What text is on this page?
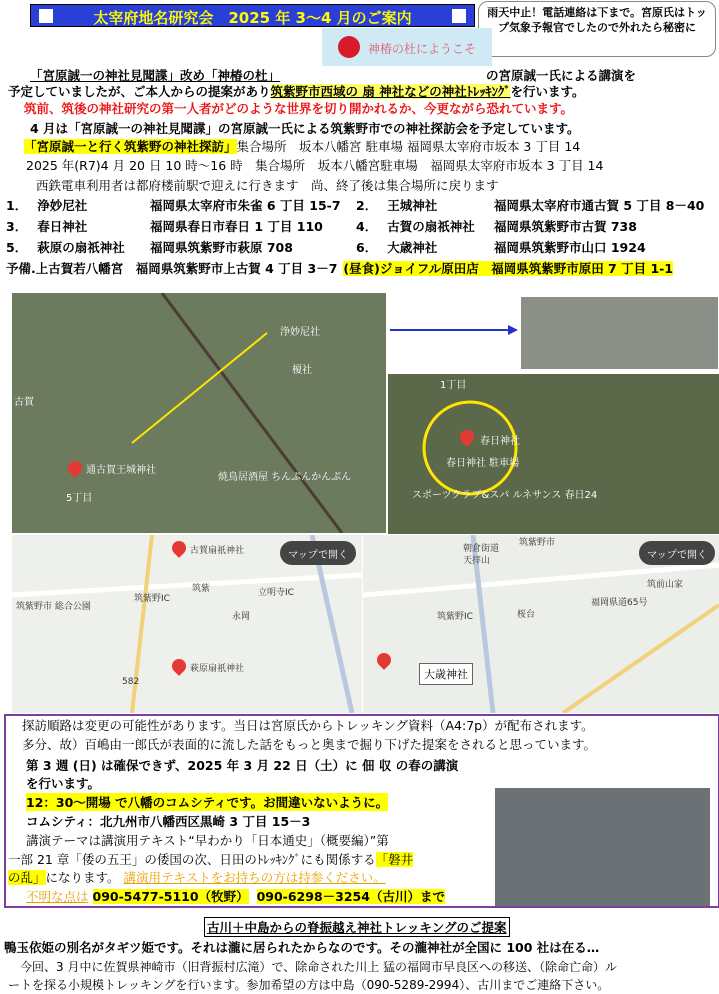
太宰府地名研究会　2025 年 3～4 月のご案内	雨天中止！電話連絡は下まで。宮原氏はトップ気象予報官でしたので外れたら秘密に
神椿の杜にようこそ
「宮原誠一の神社見聞諜」改め「神椿の杜」	の宮原誠一氏による講演を
予定していましたが、ご本人からの提案があり筑紫野市西域の 扇 神社などの神社ﾄﾚｯｷﾝｸﾞを行います。
筑前、筑後の神社研究の第一人者がどのような世界を切り開かれるか、今更ながら恐れています。
4 月は「宮原誠一の神社見聞諜」の宮原誠一氏による筑紫野市での神社探訪会を予定しています。
「宮原誠一と行く筑紫野の神社探訪」集合場所　坂本八幡宮 駐車場 福岡県太宰府市坂本 3 丁目 14
2025 年(R7)4 月 20 日 10 時～16 時　集合場所　坂本八幡宮駐車場　福岡県太宰府市坂本 3 丁目 14
西鉄電車利用者は都府楼前駅で迎えに行きます　尚、終了後は集合場所に戻ります
1． 浄妙尼社	福岡県太宰府市朱雀 6 丁目 15-7 2． 王城神社	福岡県太宰府市通古賀 5 丁目 8－40
3． 春日神社	福岡県春日市春日 1 丁目 110	4． 古賀の扇祇神社 福岡県筑紫野市古賀 738
5． 萩原の扇祇神社 福岡県筑紫野市萩原 708	6． 大歳神社	福岡県筑紫野市山口 1924
予備.上古賀若八幡宮　福岡県筑紫野市上古賀 4 丁目 3－7 (昼食)ジョイフル原田店　福岡県筑紫野市原田 7 丁目 1-1
通古賀王城神社
浄妙尼社
榎社
焼鳥居酒屋 ちんぷんかんぷん
5丁目
古賀
1丁目
春日神社
春日神社 駐車場
スポーツクラブ&スパ ルネサンス 春日24
古賀扇祇神社
萩原扇祇神社
筑紫野IC
筑紫野市 総合公園
永岡
筑紫	立明寺IC
582
マップで開く
大歳神社
朝倉街道
筑紫野市
天拝山
桜台
筑紫野IC
筑前山家
福岡県道65号
マップで開く
探訪順路は変更の可能性があります。当日は宮原氏からトレッキング資料（A4:7p）が配布されます。
多分、故）百嶋由一郎氏が表面的に流した話をもっと奥まで掘り下げた提案をされると思っています。
第 3 週 (日) は確保できず、2025 年 3 月 22 日（土）に 佃 収 の春の講演
を行います。
12：30～開場 で八幡のコムシティです。お間違いないように。
コムシティ：北九州市八幡西区黒崎 3 丁目 15－3
講演テーマは講演用テキスト“早わかり「日本通史」（概要編）”第
一部 21 章「倭の五王」の倭国の次、日田のﾄﾚｯｷﾝｸﾞにも関係する「磐井
の乱」になります。 講演用テキストをお持ちの方は持参ください。
不明な点は 090-5477-5110（牧野） 090-6298－3254（古川）まで
古川＋中島からの脊振越え神社トレッキングのご提案
鴨玉依姫の別名がタギツ姫です。それは瀧に居られたからなのです。その瀧神社が全国に 100 社は在る…
今回、3 月中に佐賀県神崎市（旧背振村広滝）で、除命された川上 猛の福岡市早良区への移送、（除命亡命）ル
ートを探る小規模トレッキングを行います。参加希望の方は中島（090-5289-2994）、古川までご連絡下さい。
